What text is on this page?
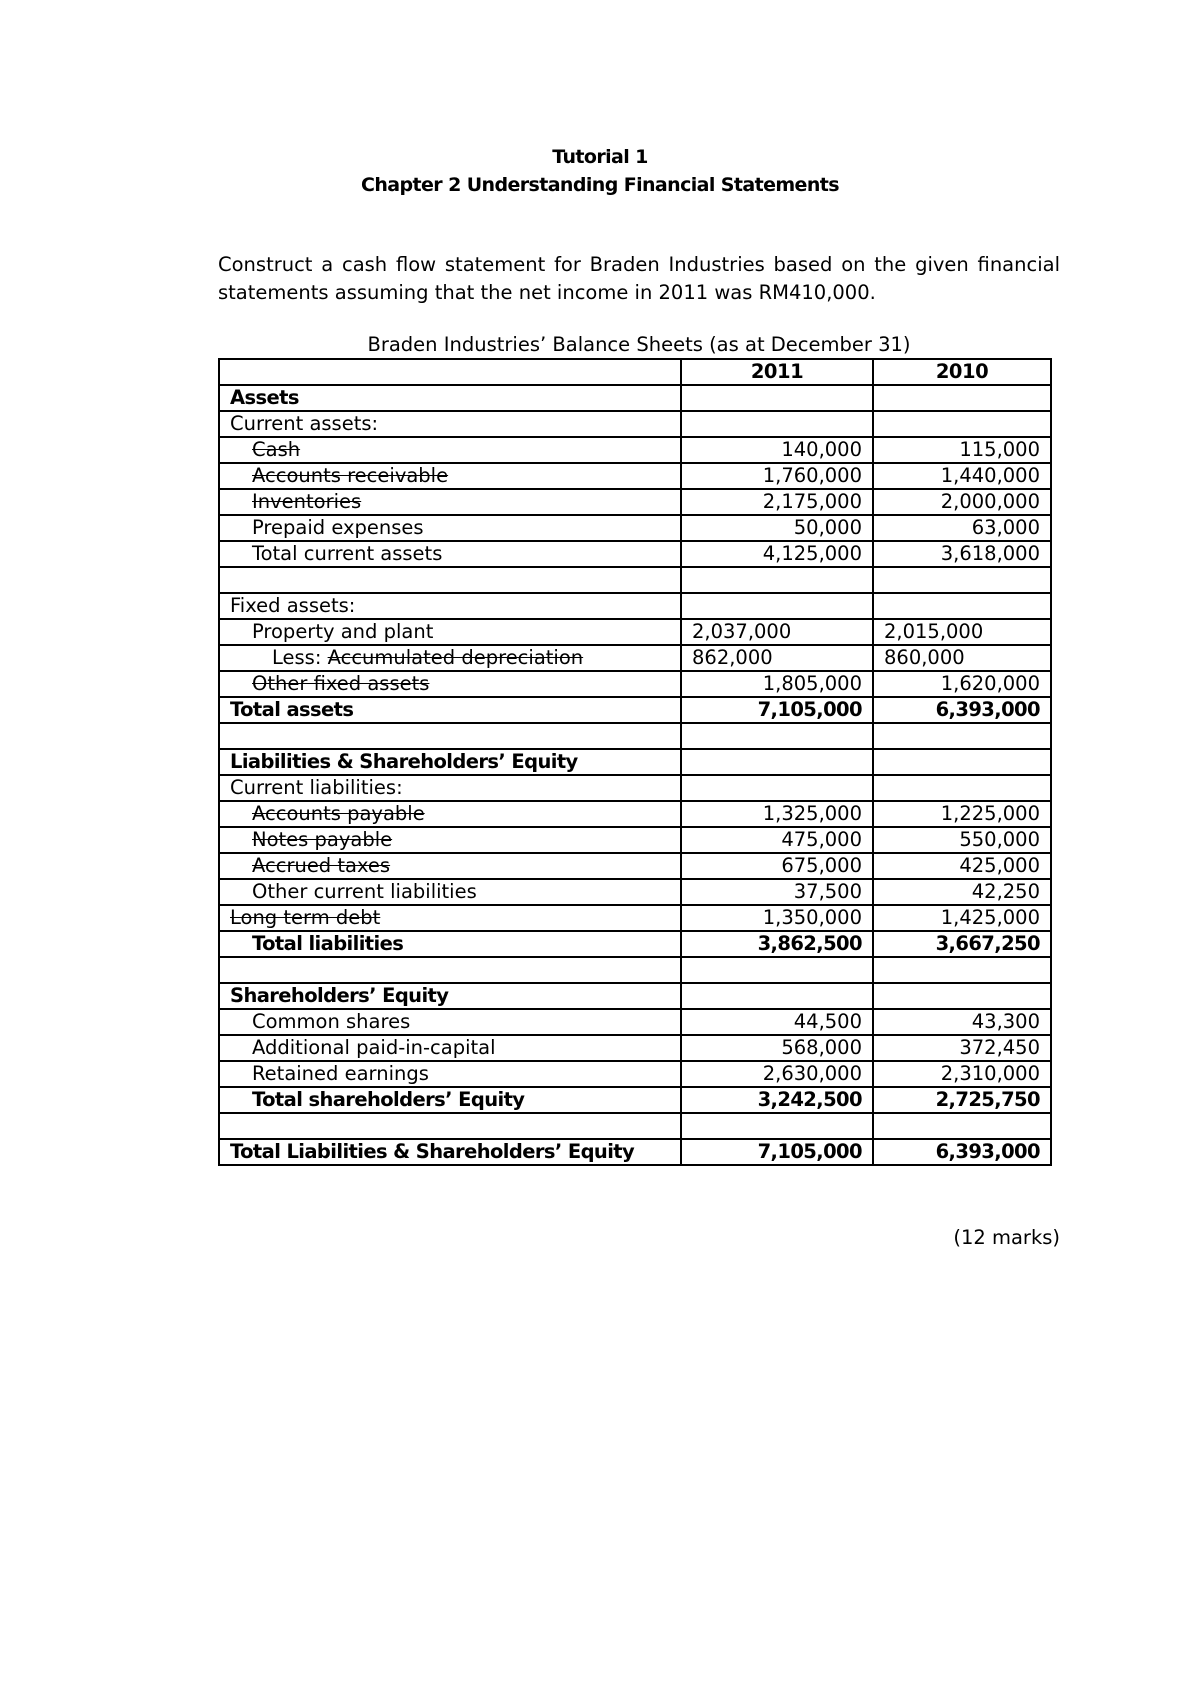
Tutorial 1
Chapter 2 Understanding Financial Statements
Construct a cash flow statement for Braden Industries based on the given financial statements assuming that the net income in 2011 was RM410,000.
Braden Industries’ Balance Sheets (as at December 31)
	2011	2010
Assets		
Current assets:		
Cash	140,000	115,000
Accounts receivable	1,760,000	1,440,000
Inventories	2,175,000	2,000,000
Prepaid expenses	50,000	63,000
Total current assets	4,125,000	3,618,000

Fixed assets:		
Property and plant	2,037,000	2,015,000
Less: Accumulated depreciation	862,000	860,000
Other fixed assets	1,805,000	1,620,000
Total assets	7,105,000	6,393,000

Liabilities & Shareholders’ Equity		
Current liabilities:		
Accounts payable	1,325,000	1,225,000
Notes payable	475,000	550,000
Accrued taxes	675,000	425,000
Other current liabilities	37,500	42,250
Long term debt	1,350,000	1,425,000
Total liabilities	3,862,500	3,667,250

Shareholders’ Equity		
Common shares	44,500	43,300
Additional paid-in-capital	568,000	372,450
Retained earnings	2,630,000	2,310,000
Total shareholders’ Equity	3,242,500	2,725,750

Total Liabilities & Shareholders’ Equity	7,105,000	6,393,000
(12 marks)
